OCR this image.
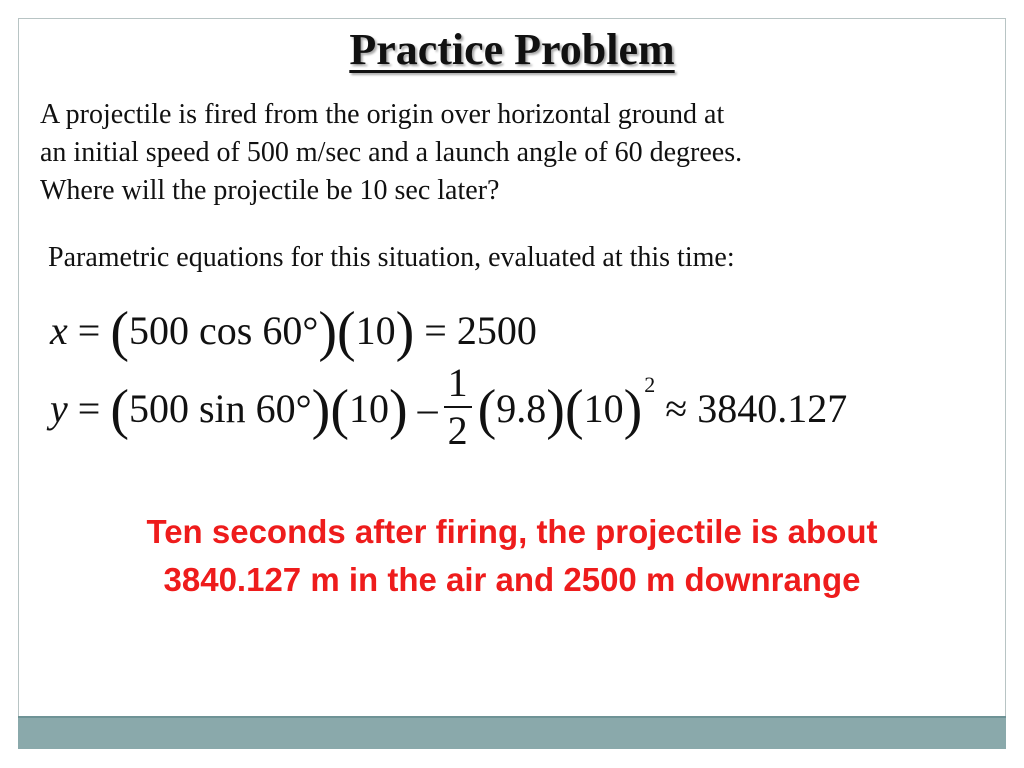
Practice Problem
A projectile is fired from the origin over horizontal ground at
an initial speed of 500 m/sec and a launch angle of 60 degrees.
Where will the projectile be 10 sec later?
Parametric equations for this situation, evaluated at this time:
x = (500 cos 60°)(10) = 2500
y = (500 $\sin 60^\circ)(10) - \frac{1}{2} (9.8)(10)^2 \approx 3840.127$
Ten seconds after firing, the projectile is about
3840.127 m in the air and 2500 m downrange
